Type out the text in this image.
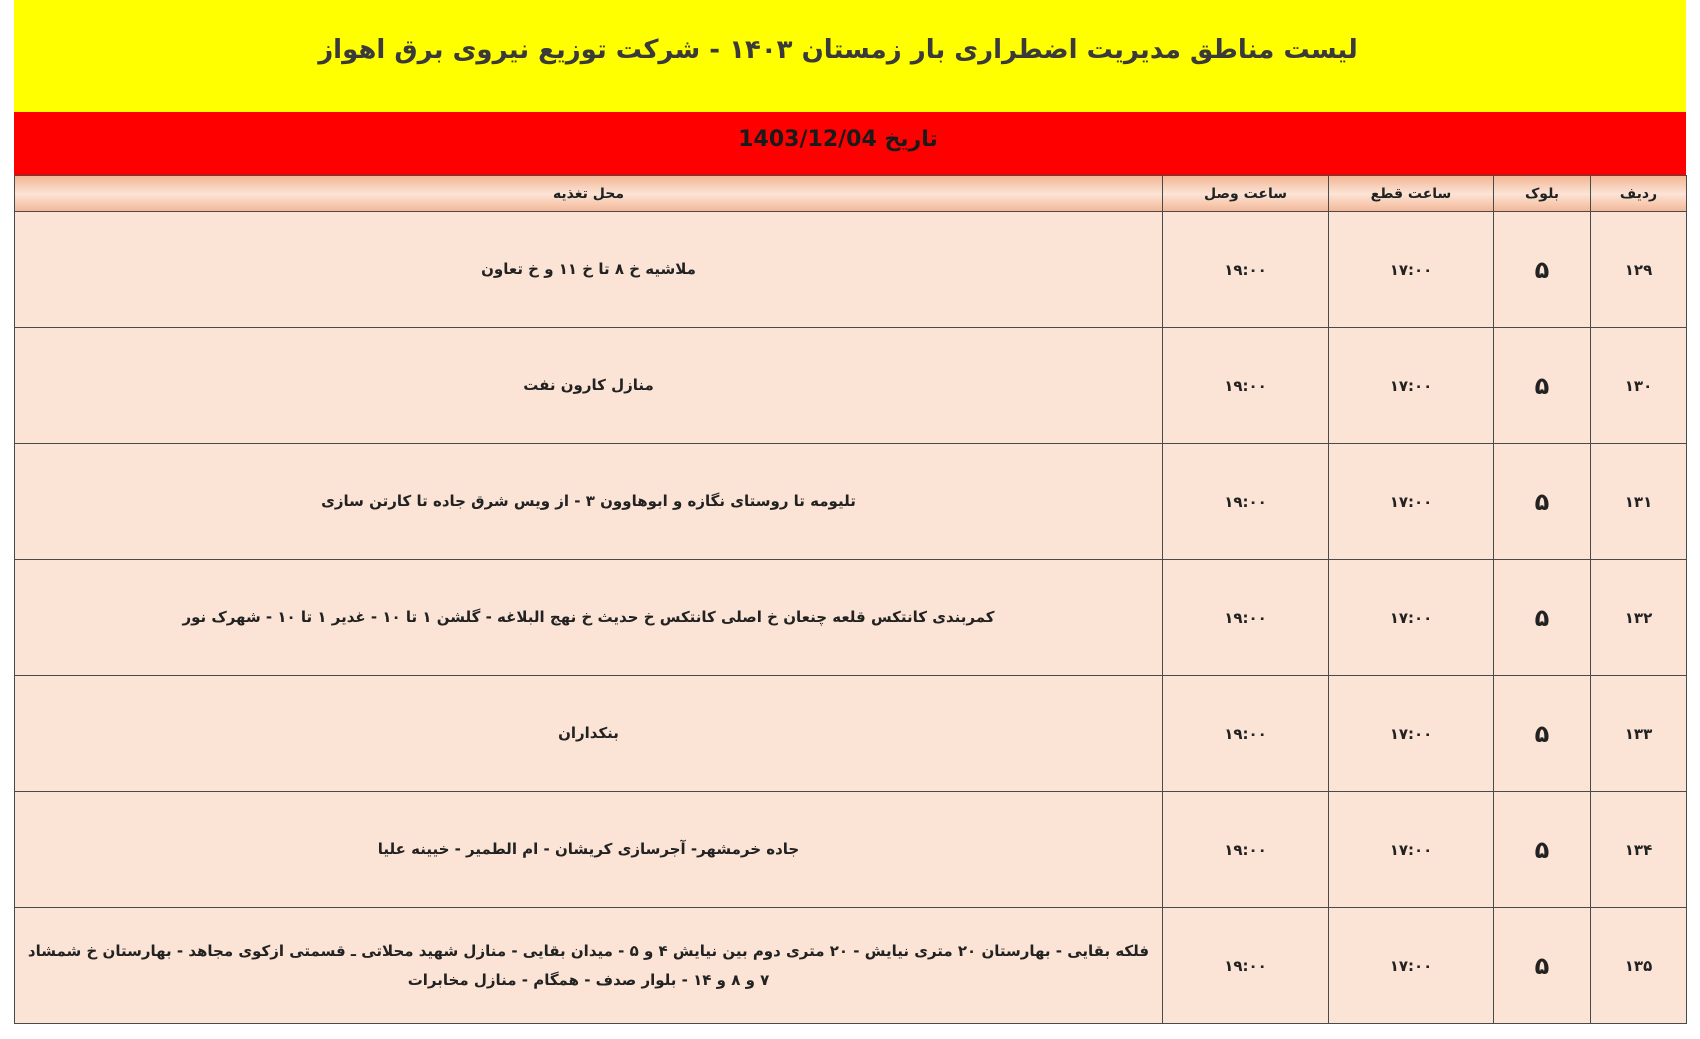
لیست مناطق مدیریت اضطراری بار زمستان ۱۴۰۳ - شرکت توزیع نیروی برق اهواز
تاریخ 1403/12/04
ردیف	بلوک	ساعت قطع	ساعت وصل	محل تغذیه
۱۲۹	۵	۱۷:۰۰	۱۹:۰۰	ملاشیه خ ۸ تا خ ۱۱ و خ تعاون
۱۳۰	۵	۱۷:۰۰	۱۹:۰۰	منازل کارون نفت
۱۳۱	۵	۱۷:۰۰	۱۹:۰۰	تلیومه تا روستای نگازه و ابوهاوون ۳ - از ویس شرق جاده تا کارتن سازی
۱۳۲	۵	۱۷:۰۰	۱۹:۰۰	کمربندی کانتکس قلعه چنعان خ اصلی کانتکس خ حدیث خ نهج البلاغه - گلشن ۱ تا ۱۰ - غدیر ۱ تا ۱۰ - شهرک نور
۱۳۳	۵	۱۷:۰۰	۱۹:۰۰	بنکداران
۱۳۴	۵	۱۷:۰۰	۱۹:۰۰	جاده خرمشهر- آجرسازی کریشان - ام الطمیر - خیینه علیا
۱۳۵	۵	۱۷:۰۰	۱۹:۰۰	فلکه بقایی - بهارستان ۲۰ متری نیایش - ۲۰ متری دوم بین نیایش ۴ و ۵ - میدان بقایی - منازل شهید محلاتی ـ قسمتی ازکوی مجاهد - بهارستان خ شمشاد ۷ و ۸ و ۱۴ - بلوار صدف - همگام - منازل مخابرات
